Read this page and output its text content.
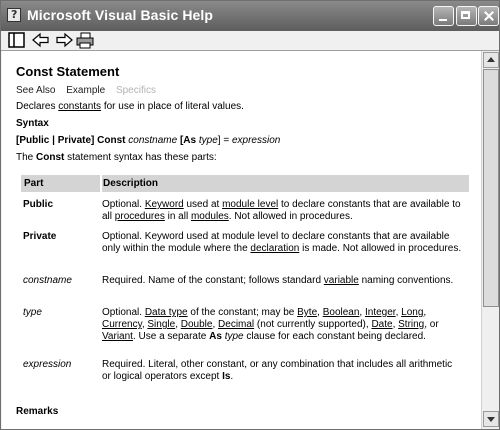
?
Microsoft Visual Basic Help
Const Statement
See Also Example Specifics
Declares constants for use in place of literal values.
Syntax
[Public | Private] Const constname [As type] = expression
The Const statement syntax has these parts:
Part	Description
Public	Optional. Keyword used at module level to declare constants that are available to all procedures in all modules. Not allowed in procedures.
Private	Optional. Keyword used at module level to declare constants that are available only within the module where the declaration is made. Not allowed in procedures.
constname	Required. Name of the constant; follows standard variable naming conventions.
type	Optional. Data type of the constant; may be Byte, Boolean, Integer, Long, Currency, Single, Double, Decimal (not currently supported), Date, String, or Variant. Use a separate As type clause for each constant being declared.
expression	Required. Literal, other constant, or any combination that includes all arithmetic or logical operators except Is.
Remarks
